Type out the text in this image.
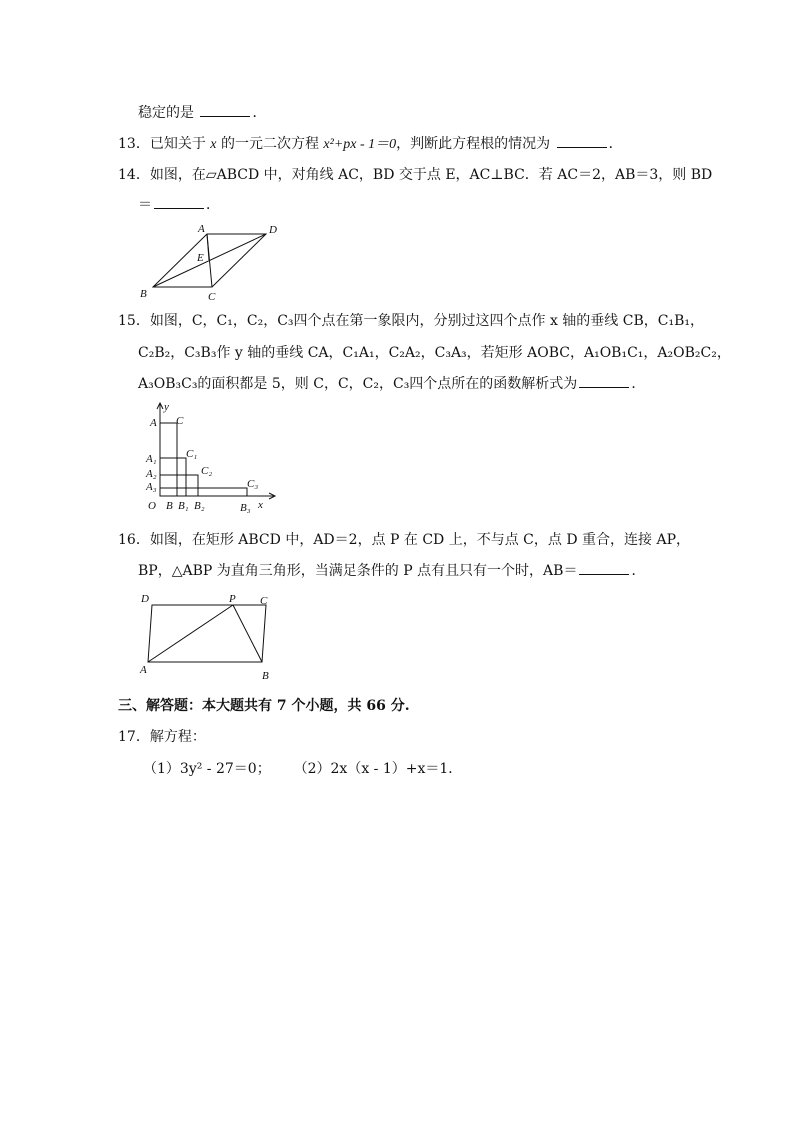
稳定的是	．
13．已知关于 x 的一元二次方程 x²+px - 1＝0，判断此方程根的情况为	．
14．如图，在▱ABCD 中，对角线 AC，BD 交于点 E，AC⊥BC．若 AC＝2，AB＝3，则 BD
＝	．
A	D
E
B	C
15．如图，C，C₁，C₂，C₃四个点在第一象限内，分别过这四个点作 x 轴的垂线 CB，C₁B₁，
C₂B₂，C₃B₃作 y 轴的垂线 CA，C₁A₁，C₂A₂，C₃A₃，若矩形 AOBC，A₁OB₁C₁，A₂OB₂C₂，
A₃OB₃C₃的面积都是 5，则 C，C，C₂，C₃四个点所在的函数解析式为	．
y
A C
A₁	C₁
A₂	C₂
A₃	C₃
O B B₁ B₂	B₃ x
16．如图，在矩形 ABCD 中，AD＝2，点 P 在 CD 上，不与点 C，点 D 重合，连接 AP，
BP，△ABP 为直角三角形，当满足条件的 P 点有且只有一个时，AB＝	．
D	P C
A	B
三、解答题：本大题共有 7 个小题，共 66 分.
17．解方程：
（1）3y² - 27＝0； （2）2x（x - 1）+x＝1．
